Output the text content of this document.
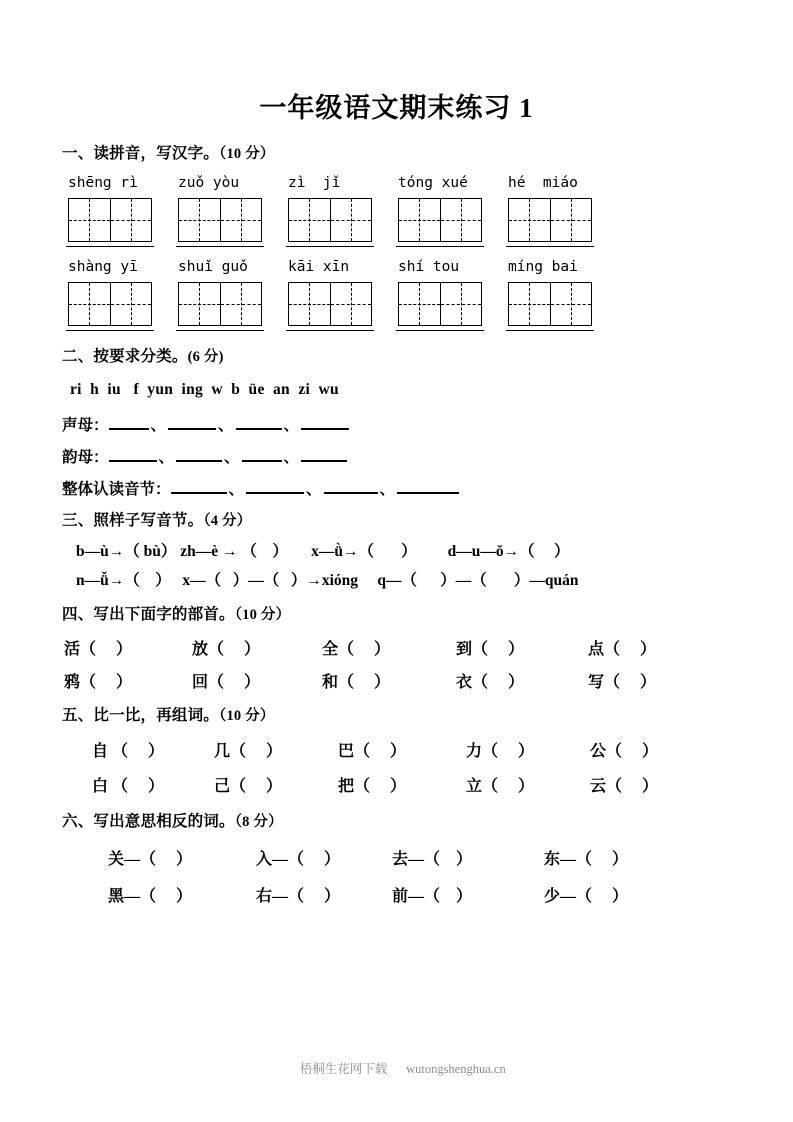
一年级语文期末练习 1
一、读拼音，写汉字。（10 分）
shēng rì	zuǒ yòu	zì  jǐ	tóng xué	hé  miáo
shàng yī	shuǐ guǒ	kāi xīn	shí tou	míng bai
二、按要求分类。(6 分)
ri  h  iu   f  yun  ing  w  b  üe  an  zi  wu
声母：	、	、	、
韵母：	、	、	、
整体认读音节：	、	、	、
三、照样子写音节。（4 分）
b—ù→（ bù） zh—è → （    ）      x—ǜ→（       ）        d—u—ǒ→（     ）
n—ǚ→（    ）   x—（   ）—（   ）→xióng     q—（      ）—（       ）—quán
四、写出下面字的部首。（10 分）
活（     ）	放（     ）	全（     ）	到（     ）	点（     ）
鸦（     ）	回（     ）	和（     ）	衣（     ）	写（     ）
五、比一比，再组词。（10 分）
自 （     ）	几（     ）	巴（     ）	力（     ）	公（     ）
白 （     ）	己（     ）	把（     ）	立（     ）	云（     ）
六、写出意思相反的词。（8 分）
关—（     ）	入—（     ）	去—（    ）	东—（     ）
黑—（     ）	右—（     ）	前—（    ）	少—（     ）

梧桐生花网下载 wutongshenghua.cn
